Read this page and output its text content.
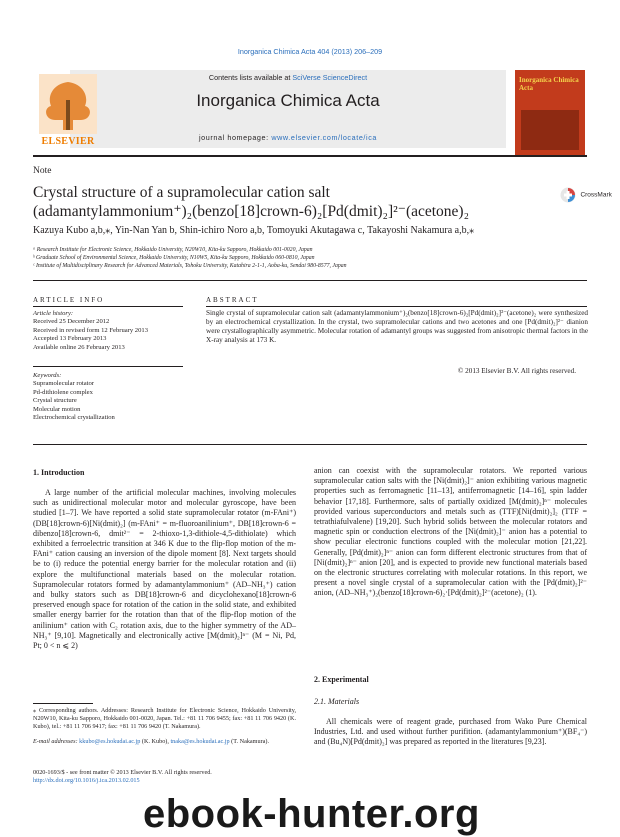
Inorganica Chimica Acta 404 (2013) 206–209
ELSEVIER
Contents lists available at SciVerse ScienceDirect
Inorganica Chimica Acta
journal homepage: www.elsevier.com/locate/ica
Inorganica Chimica Acta
Note
Crystal structure of a supramolecular cation salt
(adamantylammonium⁺)₂(benzo[18]crown-6)₂[Pd(dmit)₂]²⁻(acetone)₂
CrossMark
Kazuya Kubo a,b,⁎, Yin-Nan Yan b, Shin-ichiro Noro a,b, Tomoyuki Akutagawa c, Takayoshi Nakamura a,b,⁎
ᵃ Research Institute for Electronic Science, Hokkaido University, N20W10, Kita-ku Sapporo, Hokkaido 001-0020, Japan
ᵇ Graduate School of Environmental Science, Hokkaido University, N10W5, Kita-ku Sapporo, Hokkaido 060-0810, Japan
ᶜ Institute of Multidisciplinary Research for Advanced Materials, Tohoku University, Katahira 2-1-1, Aoba-ku, Sendai 980-8577, Japan
ARTICLE INFO
Article history:
Received 25 December 2012
Received in revised form 12 February 2013
Accepted 13 February 2013
Available online 26 February 2013
Keywords:
Supramolecular rotator
Pd-dithiolene complex
Crystal structure
Molecular motion
Electrochemical crystallization
ABSTRACT
Single crystal of supramolecular cation salt (adamantylammonium⁺)₂(benzo[18]crown-6)₂[Pd(dmit)₂]²⁻(acetone)₂ were synthesized by an electrochemical crystallization. In the crystal, two supramolecular cations and two acetones and one [Pd(dmit)₂]²⁻ dianion were crystallographically asymmetric. Molecular rotation of adamantyl groups was suggested from anisotropic thermal factors in the X-ray analysis at 173 K.
© 2013 Elsevier B.V. All rights reserved.
1. Introduction
A large number of the artificial molecular machines, involving molecules such as unidirectional molecular motor and molecular gyroscope, have been studied [1–7]. We have reported a solid state supramolecular rotator (m-FAni⁺)(DB[18]crown-6)[Ni(dmit)₂] (m-FAni⁺ = m-fluoroanilinium⁺, DB[18]crown-6 = dibenzo[18]crown-6, dmit²⁻ = 2-thioxo-1,3-dithiole-4,5-dithiolate) which exhibited a ferroelectric transition at 346 K due to the flip-flop motion of the m-FAni⁺ cation causing an inversion of the dipole moment [8]. Next targets should be to (i) reduce the potential energy barrier for the molecular rotation and (ii) explore the multifunctional materials based on the molecular rotation. Supramolecular rotators formed by adamantylammonium⁺ (AD–NH₃⁺) cation and bulky stators such as DB[18]crown-6 and dicyclohexano[18]crown-6 preserved enough space for rotation of the cation in the solid state, and exhibited smaller energy barrier for the rotation than that of the flip-flop motion of the anilinium⁺ cation with C₂ rotation axis, due to the higher symmetry of the AD–NH₃⁺ [9,10]. Magnetically and electronically active [M(dmit)₂]ⁿ⁻ (M = Ni, Pd, Pt; 0 < n ⩽ 2)
⁎ Corresponding authors. Addresses: Research Institute for Electronic Science, Hokkaido University, N20W10, Kita-ku Sapporo, Hokkaido 001-0020, Japan. Tel.: +81 11 706 9455; fax: +81 11 706 9420 (K. Kubo), tel.: +81 11 706 9417; fax: +81 11 706 9420 (T. Nakamura).
E-mail addresses: kkubo@es.hokudai.ac.jp (K. Kubo), tnaka@es.hokudai.ac.jp (T. Nakamura).
0020-1693/$ - see front matter © 2013 Elsevier B.V. All rights reserved.
http://dx.doi.org/10.1016/j.ica.2013.02.015
anion can coexist with the supramolecular rotators. We reported various supramolecular cation salts with the [Ni(dmit)₂]⁻ anion exhibiting various magnetic properties such as ferromagnetic [11–13], antiferromagnetic [14–16], spin ladder behavior [17,18]. Furthermore, salts of partially oxidized [M(dmit)₂]ⁿ⁻ molecules provided various superconductors and metals such as (TTF)[Ni(dmit)₂]₂ (TTF = tetrathiafulvalene) [19,20]. Such hybrid solids between the molecular rotators and magnetic spin or conduction electrons of the [Ni(dmit)₂]⁻ anion has a potential to show peculiar electronic functions coupled with the molecular motion [21,22]. Generally, [Pd(dmit)₂]ⁿ⁻ anion can form different electronic structures from that of [Ni(dmit)₂]ⁿ⁻ anion [20], and is expected to provide new functional materials based on the electronic structures correlating with molecular rotations. In this report, we present a novel single crystal of a supramolecular cation with the [Pd(dmit)₂]²⁻ anion, (AD–NH₃⁺)₂(benzo[18]crown-6)₂·[Pd(dmit)₂]²⁻(acetone)₂ (1).
2. Experimental
2.1. Materials
All chemicals were of reagent grade, purchased from Wako Pure Chemical Industries, Ltd. and used without further purifition. (adamantylammonium⁺)(BF₄⁻) and (Bu₄N)[Pd(dmit)₂] was prepared as reported in the literatures [9,23].
ebook-hunter.org
